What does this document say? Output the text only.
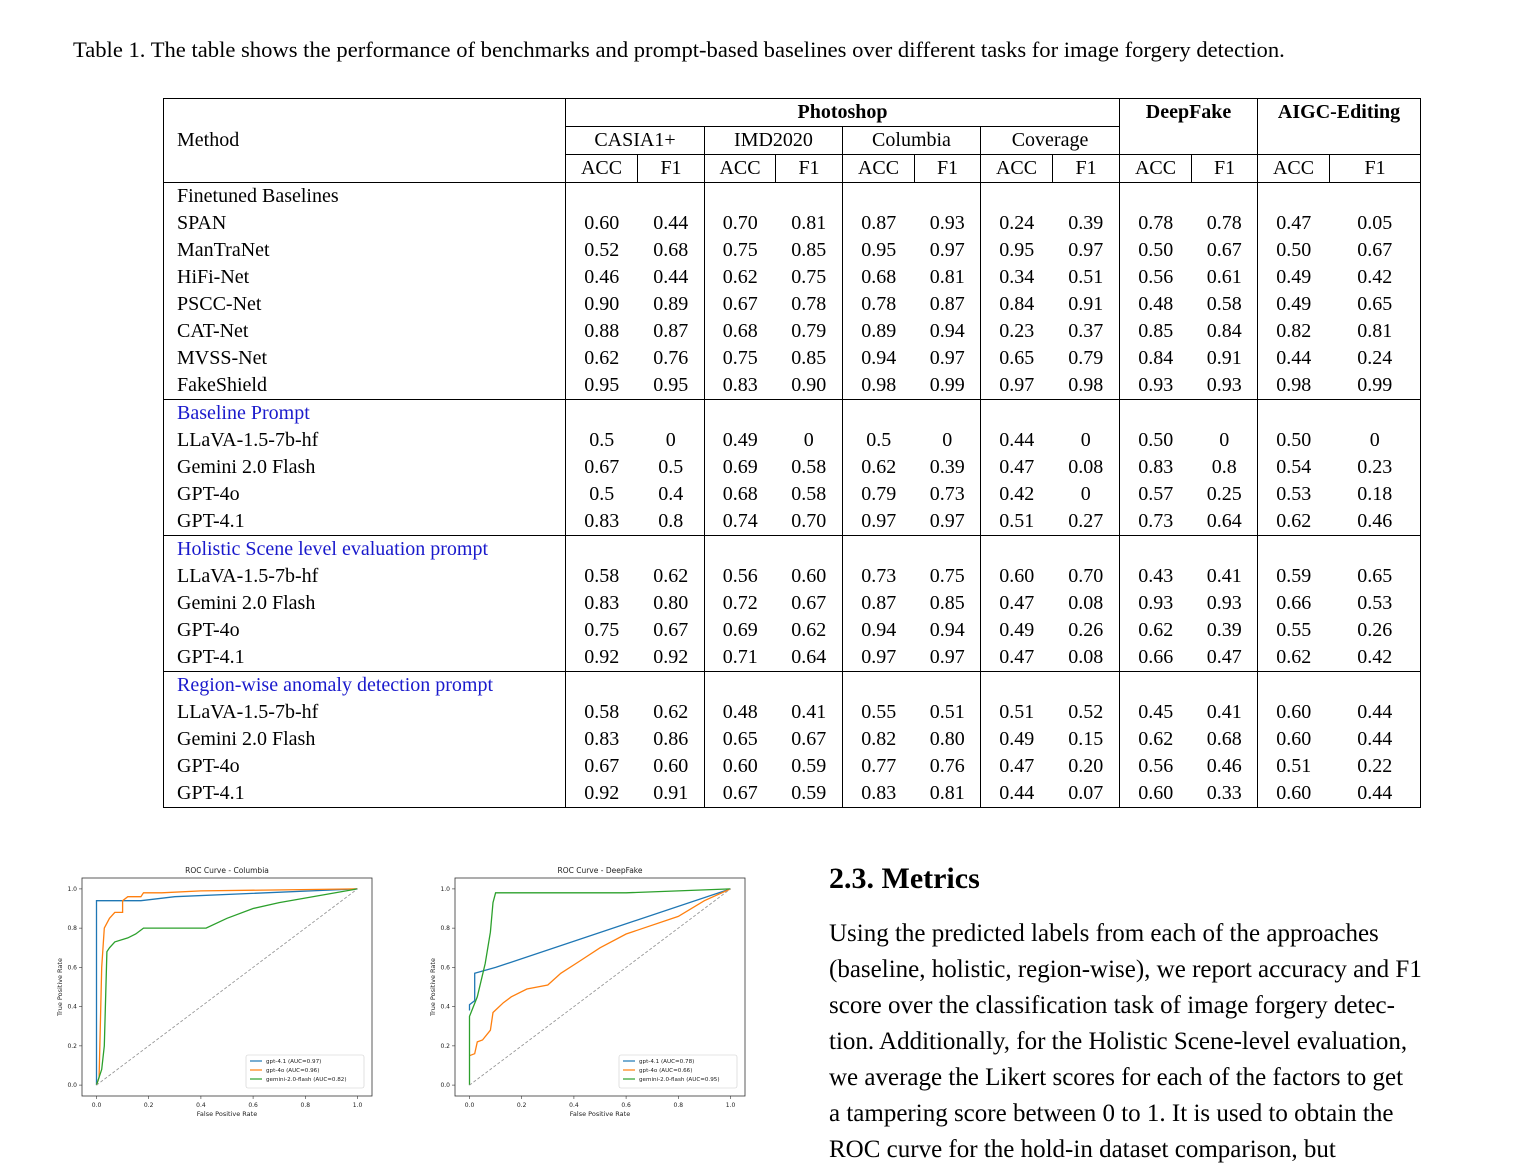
Table 1. The table shows the performance of benchmarks and prompt-based baselines over different tasks for image forgery detection.
Method	Photoshop								DeepFake		AIGC-Editing	
	CASIA1+		IMD2020		Columbia		Coverage					
	ACC	F1	ACC	F1	ACC	F1	ACC	F1	ACC	F1	ACC	F1
Finetuned Baselines												
SPAN	0.60	0.44	0.70	0.81	0.87	0.93	0.24	0.39	0.78	0.78	0.47	0.05
ManTraNet	0.52	0.68	0.75	0.85	0.95	0.97	0.95	0.97	0.50	0.67	0.50	0.67
HiFi-Net	0.46	0.44	0.62	0.75	0.68	0.81	0.34	0.51	0.56	0.61	0.49	0.42
PSCC-Net	0.90	0.89	0.67	0.78	0.78	0.87	0.84	0.91	0.48	0.58	0.49	0.65
CAT-Net	0.88	0.87	0.68	0.79	0.89	0.94	0.23	0.37	0.85	0.84	0.82	0.81
MVSS-Net	0.62	0.76	0.75	0.85	0.94	0.97	0.65	0.79	0.84	0.91	0.44	0.24
FakeShield	0.95	0.95	0.83	0.90	0.98	0.99	0.97	0.98	0.93	0.93	0.98	0.99
Baseline Prompt												
LLaVA-1.5-7b-hf	0.5	0	0.49	0	0.5	0	0.44	0	0.50	0	0.50	0
Gemini 2.0 Flash	0.67	0.5	0.69	0.58	0.62	0.39	0.47	0.08	0.83	0.8	0.54	0.23
GPT-4o	0.5	0.4	0.68	0.58	0.79	0.73	0.42	0	0.57	0.25	0.53	0.18
GPT-4.1	0.83	0.8	0.74	0.70	0.97	0.97	0.51	0.27	0.73	0.64	0.62	0.46
Holistic Scene level evaluation prompt												
LLaVA-1.5-7b-hf	0.58	0.62	0.56	0.60	0.73	0.75	0.60	0.70	0.43	0.41	0.59	0.65
Gemini 2.0 Flash	0.83	0.80	0.72	0.67	0.87	0.85	0.47	0.08	0.93	0.93	0.66	0.53
GPT-4o	0.75	0.67	0.69	0.62	0.94	0.94	0.49	0.26	0.62	0.39	0.55	0.26
GPT-4.1	0.92	0.92	0.71	0.64	0.97	0.97	0.47	0.08	0.66	0.47	0.62	0.42
Region-wise anomaly detection prompt												
LLaVA-1.5-7b-hf	0.58	0.62	0.48	0.41	0.55	0.51	0.51	0.52	0.45	0.41	0.60	0.44
Gemini 2.0 Flash	0.83	0.86	0.65	0.67	0.82	0.80	0.49	0.15	0.62	0.68	0.60	0.44
GPT-4o	0.67	0.60	0.60	0.59	0.77	0.76	0.47	0.20	0.56	0.46	0.51	0.22
GPT-4.1	0.92	0.91	0.67	0.59	0.83	0.81	0.44	0.07	0.60	0.33	0.60	0.44
ROC Curve - Columbia
0.0	0.2	0.4	0.6	0.8	1.0
0.0
0.2
0.4
0.6
0.8
1.0
False Positive Rate
True Positive Rate
gpt-4.1 (AUC=0.97)
gpt-4o (AUC=0.96)
gemini-2.0-flash (AUC=0.82)
ROC Curve - DeepFake
0.0	0.2	0.4	0.6	0.8	1.0
0.0
0.2
0.4
0.6
0.8
1.0
False Positive Rate
True Positive Rate
gpt-4.1 (AUC=0.78)
gpt-4o (AUC=0.66)
gemini-2.0-flash (AUC=0.95)
2.3. Metrics
Using the predicted labels from each of the approaches
(baseline, holistic, region-wise), we report accuracy and F1
score over the classification task of image forgery detec-
tion. Additionally, for the Holistic Scene-level evaluation,
we average the Likert scores for each of the factors to get
a tampering score between 0 to 1. It is used to obtain the
ROC curve for the hold-in dataset comparison, but
